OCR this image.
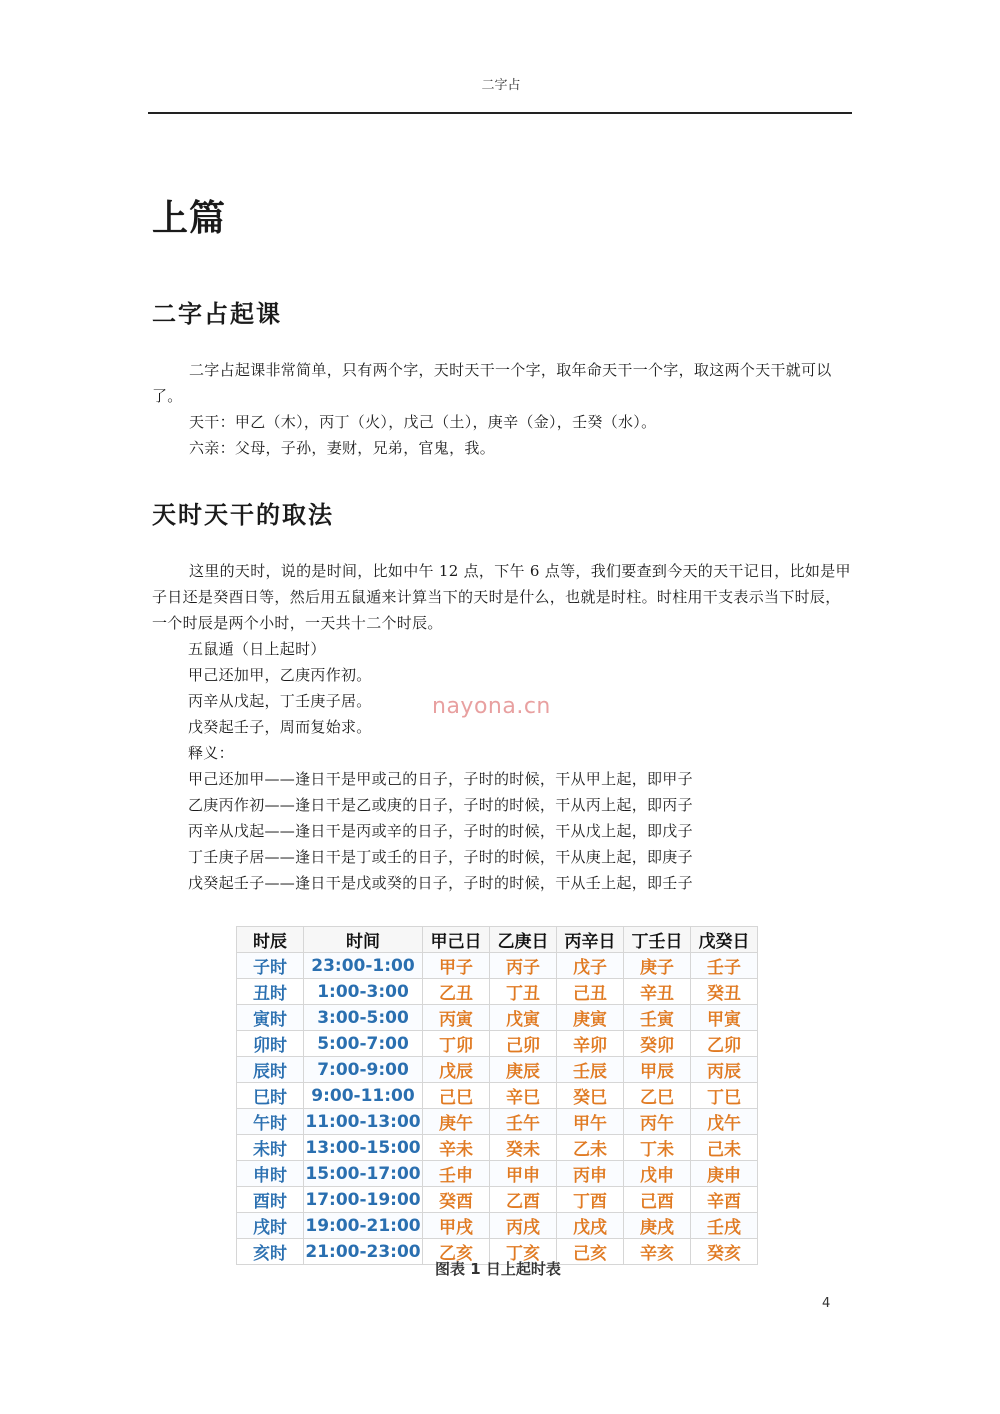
二字占
上篇
二字占起课

二字占起课非常简单，只有两个字，天时天干一个字，取年命天干一个字，取这两个天干就可以了。

天干：甲乙（木），丙丁（火），戊己（土），庚辛（金），壬癸（水）。

六亲：父母，子孙，妻财，兄弟，官鬼，我。

天时天干的取法

这里的天时，说的是时间，比如中午 12 点，下午 6 点等，我们要查到今天的天干记日，比如是甲子日还是癸酉日等，然后用五鼠遁来计算当下的天时是什么，也就是时柱。时柱用干支表示当下时辰，一个时辰是两个小时，一天共十二个时辰。

五鼠遁（日上起时）
甲己还加甲，乙庚丙作初。
丙辛从戊起，丁壬庚子居。
戊癸起壬子，周而复始求。
释义：
甲己还加甲——逢日干是甲或己的日子，子时的时候，干从甲上起，即甲子
乙庚丙作初——逢日干是乙或庚的日子，子时的时候，干从丙上起，即丙子
丙辛从戊起——逢日干是丙或辛的日子，子时的时候，干从戊上起，即戊子
丁壬庚子居——逢日干是丁或壬的日子，子时的时候，干从庚上起，即庚子
戊癸起壬子——逢日干是戊或癸的日子，子时的时候，干从壬上起，即壬子
nayona.cn
时辰	时间	甲己日	乙庚日	丙辛日	丁壬日	戊癸日
子时	23:00-1:00	甲子	丙子	戊子	庚子	壬子
丑时	1:00-3:00	乙丑	丁丑	己丑	辛丑	癸丑
寅时	3:00-5:00	丙寅	戊寅	庚寅	壬寅	甲寅
卯时	5:00-7:00	丁卯	己卯	辛卯	癸卯	乙卯
辰时	7:00-9:00	戊辰	庚辰	壬辰	甲辰	丙辰
巳时	9:00-11:00	己巳	辛巳	癸巳	乙巳	丁巳
午时	11:00-13:00	庚午	壬午	甲午	丙午	戊午
未时	13:00-15:00	辛未	癸未	乙未	丁未	己未
申时	15:00-17:00	壬申	甲申	丙申	戊申	庚申
酉时	17:00-19:00	癸酉	乙酉	丁酉	己酉	辛酉
戌时	19:00-21:00	甲戌	丙戌	戊戌	庚戌	壬戌
亥时	21:00-23:00	乙亥	丁亥	己亥	辛亥	癸亥
图表 1 日上起时表
4
